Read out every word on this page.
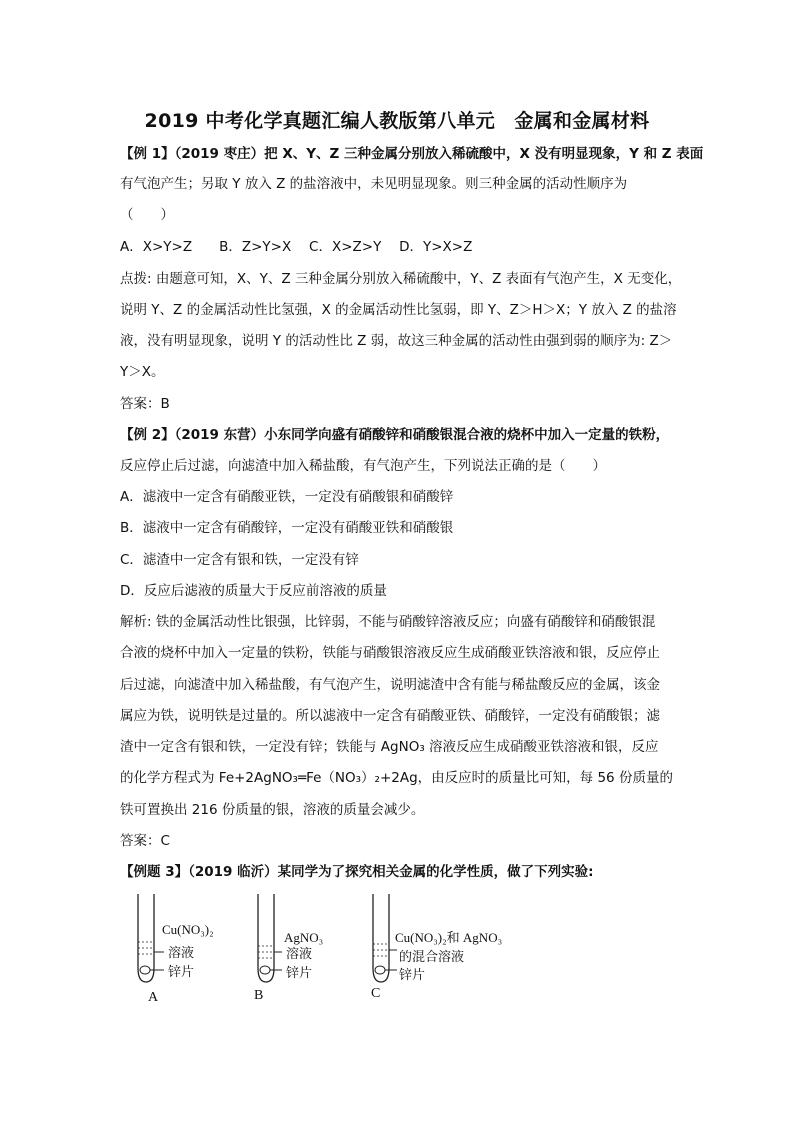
2019 中考化学真题汇编人教版第八单元　金属和金属材料
【例 1】（2019 枣庄）把 X、Y、Z 三种金属分别放入稀硫酸中，X 没有明显现象，Y 和 Z 表面
有气泡产生；另取 Y 放入 Z 的盐溶液中，未见明显现象。则三种金属的活动性顺序为
（　　）
A．X>Y>Z　　B．Z>Y>X　 C．X>Z>Y　 D．Y>X>Z
点拨: 由题意可知，X、Y、Z 三种金属分别放入稀硫酸中，Y、Z 表面有气泡产生，X 无变化，
说明 Y、Z 的金属活动性比氢强，X 的金属活动性比氢弱，即 Y、Z＞H＞X；Y 放入 Z 的盐溶
液，没有明显现象，说明 Y 的活动性比 Z 弱，故这三种金属的活动性由强到弱的顺序为: Z＞
Y＞X。
答案：B
【例 2】（2019 东营）小东同学向盛有硝酸锌和硝酸银混合液的烧杯中加入一定量的铁粉，
反应停止后过滤，向滤渣中加入稀盐酸，有气泡产生，下列说法正确的是（　　）
A．滤液中一定含有硝酸亚铁，一定没有硝酸银和硝酸锌
B．滤液中一定含有硝酸锌，一定没有硝酸亚铁和硝酸银
C．滤渣中一定含有银和铁，一定没有锌
D．反应后滤液的质量大于反应前溶液的质量
解析: 铁的金属活动性比银强，比锌弱，不能与硝酸锌溶液反应；向盛有硝酸锌和硝酸银混
合液的烧杯中加入一定量的铁粉，铁能与硝酸银溶液反应生成硝酸亚铁溶液和银，反应停止
后过滤，向滤渣中加入稀盐酸，有气泡产生，说明滤渣中含有能与稀盐酸反应的金属，该金
属应为铁，说明铁是过量的。所以滤液中一定含有硝酸亚铁、硝酸锌，一定没有硝酸银；滤
渣中一定含有银和铁，一定没有锌；铁能与 AgNO₃ 溶液反应生成硝酸亚铁溶液和银，反应
的化学方程式为 Fe+2AgNO₃═Fe（NO₃）₂+2Ag，由反应时的质量比可知，每 56 份质量的
铁可置换出 216 份质量的银，溶液的质量会减少。
答案：C
【例题 3】（2019 临沂）某同学为了探究相关金属的化学性质，做了下列实验:
Cu(NO₃)₂
溶液
锌片
A
AgNO₃
溶液
锌片
B
Cu(NO₃)₂和 AgNO₃
的混合溶液
锌片
C
